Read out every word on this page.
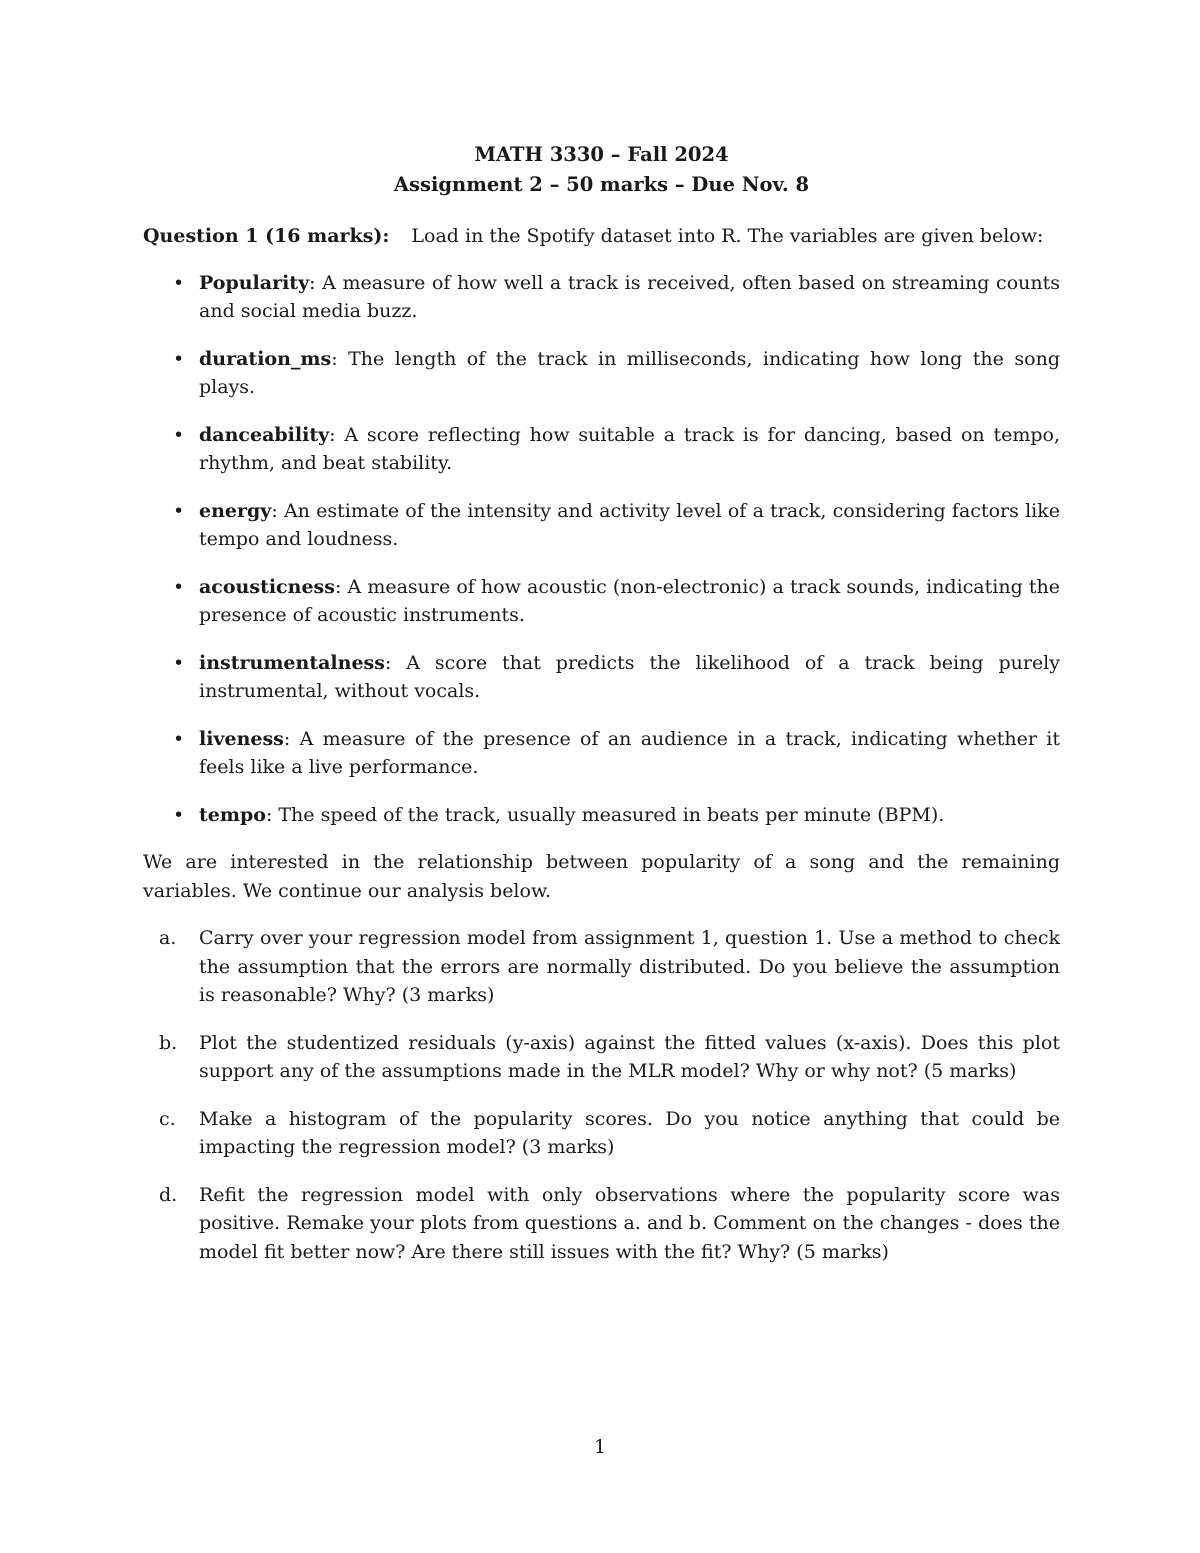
MATH 3330 – Fall 2024
Assignment 2 – 50 marks – Due Nov. 8

Question 1 (16 marks): Load in the Spotify dataset into R. The variables are given below:

• Popularity: A measure of how well a track is received, often based on streaming counts and social media buzz.
• duration_ms: The length of the track in milliseconds, indicating how long the song plays.
• danceability: A score reflecting how suitable a track is for dancing, based on tempo, rhythm, and beat stability.
• energy: An estimate of the intensity and activity level of a track, considering factors like tempo and loudness.
• acousticness: A measure of how acoustic (non-electronic) a track sounds, indicating the presence of acoustic instruments.
• instrumentalness: A score that predicts the likelihood of a track being purely instrumental, without vocals.
• liveness: A measure of the presence of an audience in a track, indicating whether it feels like a live performance.
• tempo: The speed of the track, usually measured in beats per minute (BPM).

We are interested in the relationship between popularity of a song and the remaining variables. We continue our analysis below.

a. Carry over your regression model from assignment 1, question 1. Use a method to check the assumption that the errors are normally distributed. Do you believe the assumption is reasonable? Why? (3 marks)
b. Plot the studentized residuals (y-axis) against the fitted values (x-axis). Does this plot support any of the assumptions made in the MLR model? Why or why not? (5 marks)
c. Make a histogram of the popularity scores. Do you notice anything that could be impacting the regression model? (3 marks)
d. Refit the regression model with only observations where the popularity score was positive. Remake your plots from questions a. and b. Comment on the changes - does the model fit better now? Are there still issues with the fit? Why? (5 marks)
1
